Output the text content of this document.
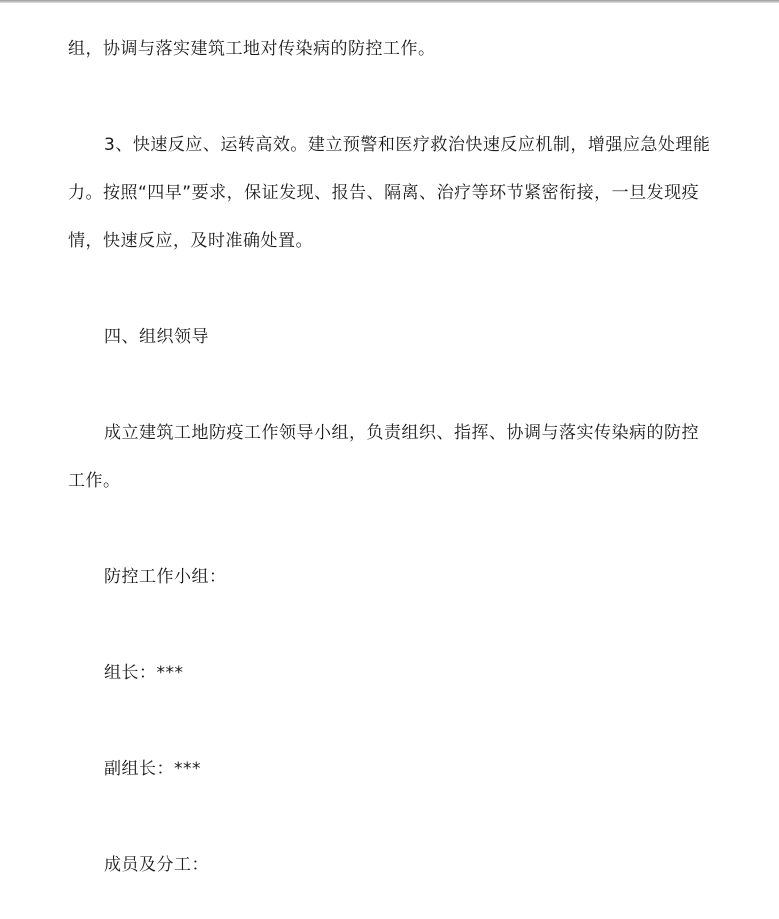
组，协调与落实建筑工地对传染病的防控工作。

3、快速反应、运转高效。建立预警和医疗救治快速反应机制，增强应急处理能力。按照“四早”要求，保证发现、报告、隔离、治疗等环节紧密衔接，一旦发现疫情，快速反应，及时准确处置。

四、组织领导

成立建筑工地防疫工作领导小组，负责组织、指挥、协调与落实传染病的防控工作。

防控工作小组：

组长：***

副组长：***

成员及分工：
